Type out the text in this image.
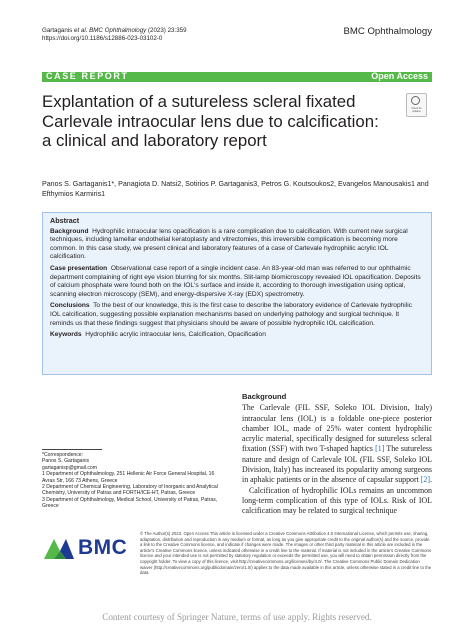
Gartaganis et al. BMC Ophthalmology (2023) 23:359
https://doi.org/10.1186/s12886-023-03102-0
BMC Ophthalmology
CASE REPORT	Open Access
Explantation of a sutureless scleral fixated Carlevale intraocular lens due to calcification: a clinical and laboratory report
Check for updates
Panos S. Gartaganis1*, Panagiota D. Natsi2, Sotirios P. Gartaganis3, Petros G. Koutsoukos2, Evangelos Manousakis1 and Efthymios Karmiris1
Abstract

Background Hydrophilic intraocular lens opacification is a rare complication due to calcification. With current new surgical techniques, including lamellar endothelial keratoplasty and vitrectomies, this irreversible complication is becoming more common. In this case study, we present clinical and laboratory features of a case of Carlevale hydrophilic acrylic IOL calcification.

Case presentation Observational case report of a single incident case. An 83-year-old man was referred to our ophthalmic department complaining of right eye vision blurring for six months. Slit-lamp biomicroscopy revealed IOL opacification. Deposits of calcium phosphate were found both on the IOL's surface and inside it, according to thorough investigation using optical, scanning electron microscopy (SEM), and energy-dispersive X-ray (EDX) spectrometry.

Conclusions To the best of our knowledge, this is the first case to describe the laboratory evidence of Carlevale hydrophilic IOL calcification, suggesting possible explanation mechanisms based on underlying pathology and surgical technique. It reminds us that these findings suggest that physicians should be aware of possible hydrophilic IOL calcification.

Keywords Hydrophilic acrylic intraocular lens, Calcification, Opacification

*Correspondence:
Panos S. Gartaganis
gartaganisp@gmail.com
1 Department of Ophthalmology, 251 Hellenic Air Force General Hospital, 16 Avras Str, 166 73 Athens, Greece
2 Department of Chemical Engineering, Laboratory of Inorganic and Analytical Chemistry, University of Patras and FORTH/ICE-HT, Patras, Greece
3 Department of Ophthalmology, Medical School, University of Patras, Patras, Greece
Background

The Carlevale (FIL SSF, Soleko IOL Division, Italy) intraocular lens (IOL) is a foldable one-piece posterior chamber IOL, made of 25% water content hydrophilic acrylic material, specifically designed for sutureless scleral fixation (SSF) with two T-shaped haptics [1] The sutureless nature and design of Carlevale IOL (FIL SSF, Soleko IOL Division, Italy) has increased its popularity among surgeons in aphakic patients or in the absence of capsular support [2].

Calcification of hydrophilic IOLs remains an uncommon long-term complication of this type of IOLs. Risk of IOL calcification may be related to surgical technique

BMC
© The Author(s) 2023. Open Access This article is licensed under a Creative Commons Attribution 4.0 International License, which permits use, sharing, adaptation, distribution and reproduction in any medium or format, as long as you give appropriate credit to the original author(s) and the source, provide a link to the Creative Commons licence, and indicate if changes were made. The images or other third party material in this article are included in the article's Creative Commons licence, unless indicated otherwise in a credit line to the material. If material is not included in the article's Creative Commons licence and your intended use is not permitted by statutory regulation or exceeds the permitted use, you will need to obtain permission directly from the copyright holder. To view a copy of this licence, visit http://creativecommons.org/licenses/by/4.0/. The Creative Commons Public Domain Dedication waiver (http://creativecommons.org/publicdomain/zero/1.0/) applies to the data made available in this article, unless otherwise stated in a credit line to the data.
Content courtesy of Springer Nature, terms of use apply. Rights reserved.
